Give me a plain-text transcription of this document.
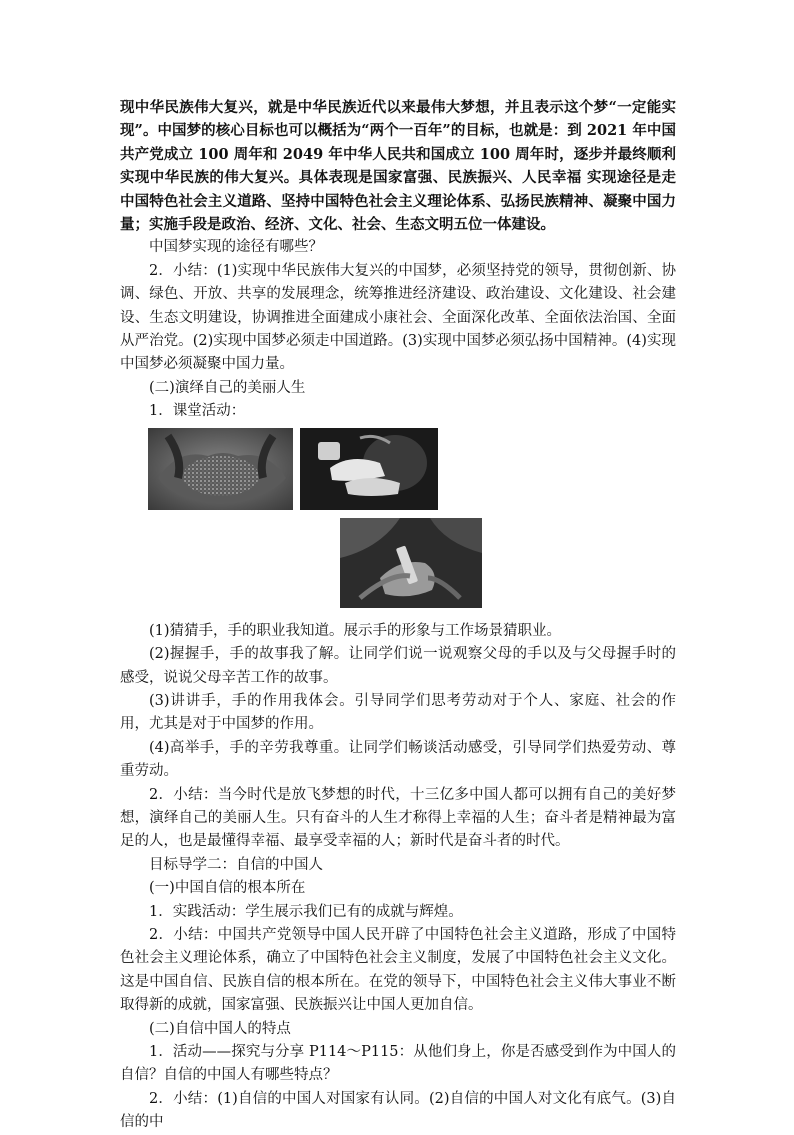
现中华民族伟大复兴，就是中华民族近代以来最伟大梦想，并且表示这个梦“一定能实现”。中国梦的核心目标也可以概括为“两个一百年”的目标，也就是：到 2021 年中国共产党成立 100 周年和 2049 年中华人民共和国成立 100 周年时，逐步并最终顺利实现中华民族的伟大复兴。具体表现是国家富强、民族振兴、人民幸福 实现途径是走中国特色社会主义道路、坚持中国特色社会主义理论体系、弘扬民族精神、凝聚中国力量；实施手段是政治、经济、文化、社会、生态文明五位一体建设。

中国梦实现的途径有哪些？

2．小结：(1)实现中华民族伟大复兴的中国梦，必须坚持党的领导，贯彻创新、协调、绿色、开放、共享的发展理念，统筹推进经济建设、政治建设、文化建设、社会建设、生态文明建设，协调推进全面建成小康社会、全面深化改革、全面依法治国、全面从严治党。(2)实现中国梦必须走中国道路。(3)实现中国梦必须弘扬中国精神。(4)实现中国梦必须凝聚中国力量。

(二)演绎自己的美丽人生

1．课堂活动：

(1)猜猜手，手的职业我知道。展示手的形象与工作场景猜职业。

(2)握握手，手的故事我了解。让同学们说一说观察父母的手以及与父母握手时的感受，说说父母辛苦工作的故事。

(3)讲讲手，手的作用我体会。引导同学们思考劳动对于个人、家庭、社会的作用，尤其是对于中国梦的作用。

(4)高举手，手的辛劳我尊重。让同学们畅谈活动感受，引导同学们热爱劳动、尊重劳动。

2．小结：当今时代是放飞梦想的时代，十三亿多中国人都可以拥有自己的美好梦想，演绎自己的美丽人生。只有奋斗的人生才称得上幸福的人生；奋斗者是精神最为富足的人，也是最懂得幸福、最享受幸福的人；新时代是奋斗者的时代。

目标导学二：自信的中国人

(一)中国自信的根本所在

1．实践活动：学生展示我们已有的成就与辉煌。

2．小结：中国共产党领导中国人民开辟了中国特色社会主义道路，形成了中国特色社会主义理论体系，确立了中国特色社会主义制度，发展了中国特色社会主义文化。这是中国自信、民族自信的根本所在。在党的领导下，中国特色社会主义伟大事业不断取得新的成就，国家富强、民族振兴让中国人更加自信。

(二)自信中国人的特点

1．活动——探究与分享 P114～P115：从他们身上，你是否感受到作为中国人的自信？自信的中国人有哪些特点？

2．小结：(1)自信的中国人对国家有认同。(2)自信的中国人对文化有底气。(3)自信的中
